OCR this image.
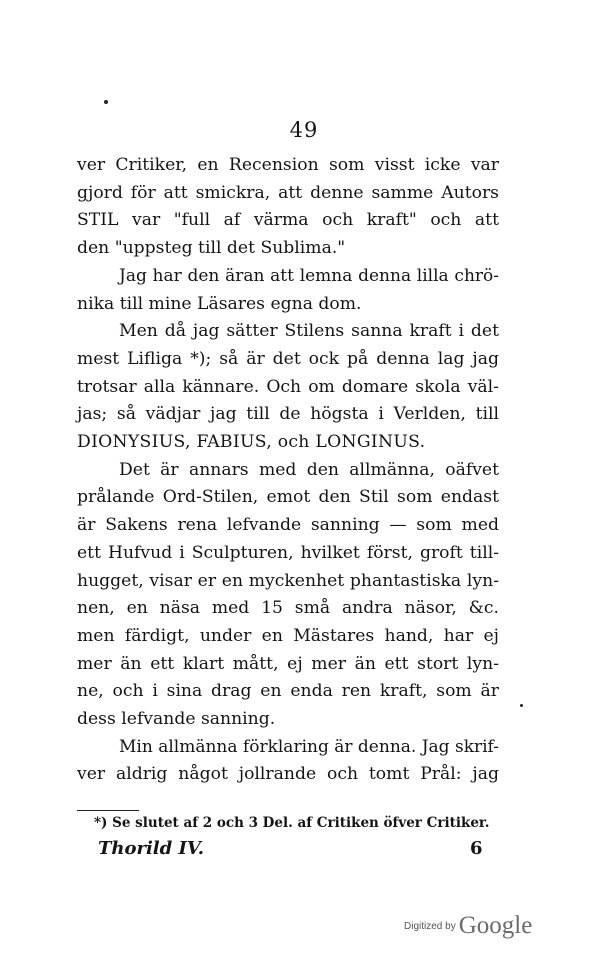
49
ver Critiker, en Recension som visst icke var
gjord för att smickra, att denne samme Autors
STIL var "full af värma och kraft" och att
den "uppsteg till det Sublima."
Jag har den äran att lemna denna lilla chrö-
nika till mine Läsares egna dom.
Men då jag sätter Stilens sanna kraft i det
mest Lifliga *); så är det ock på denna lag jag
trotsar alla kännare. Och om domare skola väl-
jas; så vädjar jag till de högsta i Verlden, till
DIONYSIUS, FABIUS, och LONGINUS.
Det är annars med den allmänna, oäfvet
prålande Ord-Stilen, emot den Stil som endast
är Sakens rena lefvande sanning — som med
ett Hufvud i Sculpturen, hvilket först, groft till-
hugget, visar er en myckenhet phantastiska lyn-
nen, en näsa med 15 små andra näsor, &c.
men färdigt, under en Mästares hand, har ej
mer än ett klart mått, ej mer än ett stort lyn-
ne, och i sina drag en enda ren kraft, som är
dess lefvande sanning.
Min allmänna förklaring är denna. Jag skrif-
ver aldrig något jollrande och tomt Prål: jag
*) Se slutet af 2 och 3 Del. af Critiken öfver Critiker.
Thorild IV.	6
$^{Digitized by}$ Google
